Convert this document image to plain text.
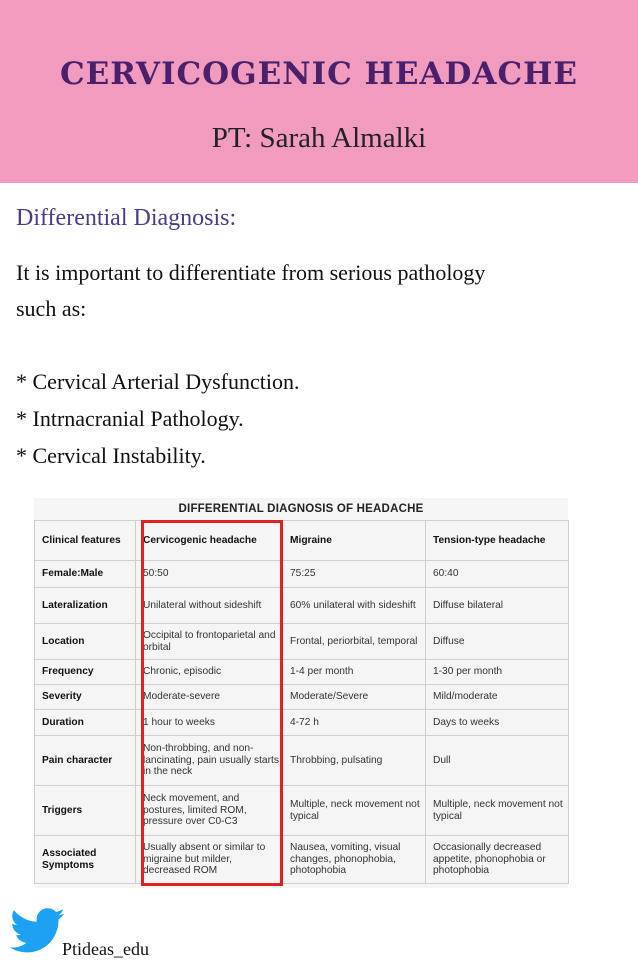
CERVICOGENIC HEADACHE
PT: Sarah Almalki
Differential Diagnosis:
It is important to differentiate from serious pathology
such as:
* Cervical Arterial Dysfunction.
* Intrnacranial Pathology.
* Cervical Instability.
DIFFERENTIAL DIAGNOSIS OF HEADACHE
Clinical features	Cervicogenic headache	Migraine	Tension-type headache
Female:Male	50:50	75:25	60:40
Lateralization	Unilateral without sideshift	60% unilateral with sideshift	Diffuse bilateral
Location	Occipital to frontoparietal and orbital	Frontal, periorbital, temporal	Diffuse
Frequency	Chronic, episodic	1-4 per month	1-30 per month
Severity	Moderate-severe	Moderate/Severe	Mild/moderate
Duration	1 hour to weeks	4-72 h	Days to weeks
Pain character	Non-throbbing, and non-lancinating, pain usually starts in the neck	Throbbing, pulsating	Dull
Triggers	Neck movement, and postures, limited ROM, pressure over C0-C3	Multiple, neck movement not typical	Multiple, neck movement not typical
Associated Symptoms	Usually absent or similar to migraine but milder, decreased ROM	Nausea, vomiting, visual changes, phonophobia, photophobia	Occasionally decreased appetite, phonophobia or photophobia
Ptideas_edu
